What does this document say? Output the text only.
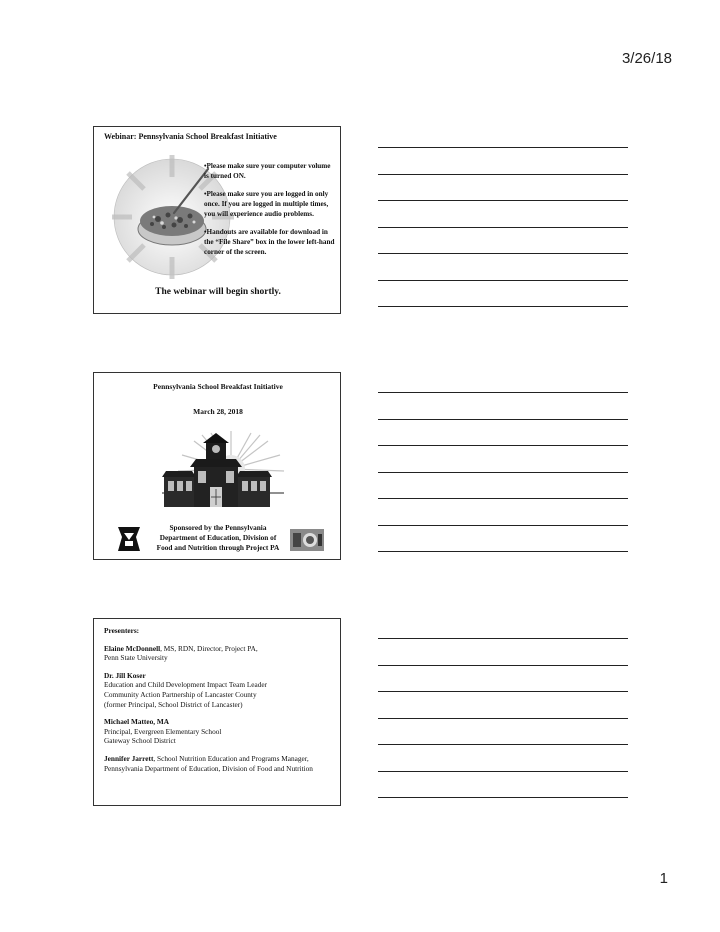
3/26/18
Webinar: Pennsylvania School Breakfast Initiative

•Please make sure your computer volume is turned ON.

•Please make sure you are logged in only once. If you are logged in multiple times, you will experience audio problems.

•Handouts are available for download in the “File Share” box in the lower left-hand corner of the screen.

The webinar will begin shortly.
Pennsylvania School Breakfast Initiative
March 28, 2018
Sponsored by the Pennsylvania Department of Education, Division of Food and Nutrition through Project PA

Presenters:

Elaine McDonnell, MS, RDN, Director, Project PA,
Penn State University

Dr. Jill Koser
Education and Child Development Impact Team Leader
Community Action Partnership of Lancaster County
(former Principal, School District of Lancaster)

Michael Matteo, MA
Principal, Evergreen Elementary School
Gateway School District

Jennifer Jarrett, School Nutrition Education and Programs Manager, Pennsylvania Department of Education, Division of Food and Nutrition

1
